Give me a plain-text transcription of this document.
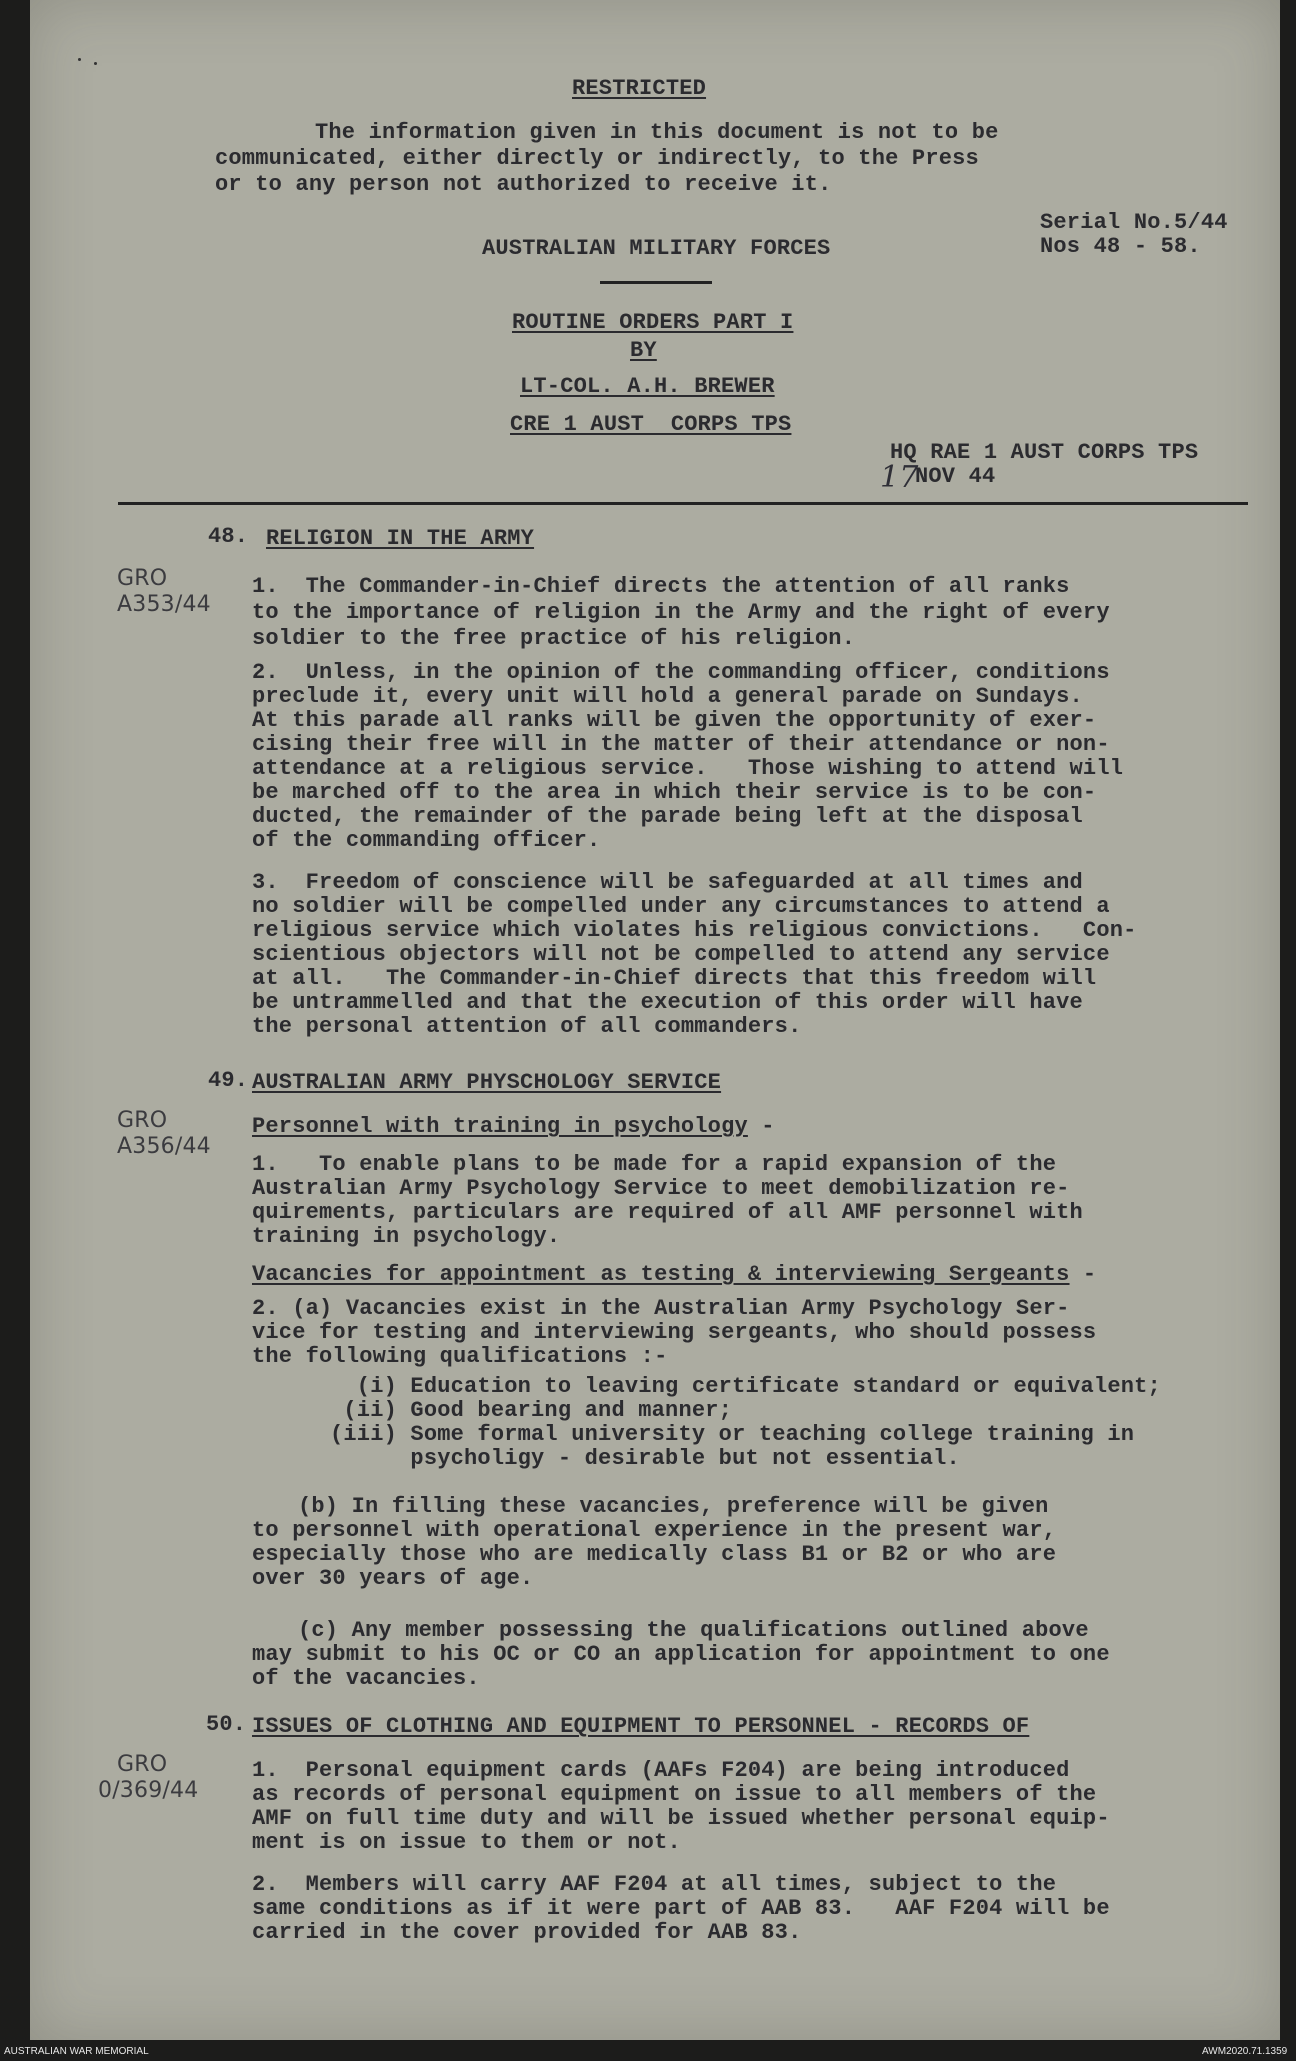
RESTRICTED
The information given in this document is not to be
communicated, either directly or indirectly, to the Press
or to any person not authorized to receive it.
Serial No.5/44
Nos 48 - 58.
AUSTRALIAN MILITARY FORCES
ROUTINE ORDERS PART I
BY
LT-COL. A.H. BREWER
CRE 1 AUST  CORPS TPS
HQ RAE 1 AUST CORPS TPS
17
NOV 44
48. RELIGION IN THE ARMY
GRO
A353/44
1.  The Commander-in-Chief directs the attention of all ranks
to the importance of religion in the Army and the right of every
soldier to the free practice of his religion.
2.  Unless, in the opinion of the commanding officer, conditions
preclude it, every unit will hold a general parade on Sundays.
At this parade all ranks will be given the opportunity of exer-
cising their free will in the matter of their attendance or non-
attendance at a religious service.   Those wishing to attend will
be marched off to the area in which their service is to be con-
ducted, the remainder of the parade being left at the disposal
of the commanding officer.
3.  Freedom of conscience will be safeguarded at all times and
no soldier will be compelled under any circumstances to attend a
religious service which violates his religious convictions.   Con-
scientious objectors will not be compelled to attend any service
at all.   The Commander-in-Chief directs that this freedom will
be untrammelled and that the execution of this order will have
the personal attention of all commanders.
49. AUSTRALIAN ARMY PHYSCHOLOGY SERVICE
GRO
A356/44
Personnel with training in psychology -
1.   To enable plans to be made for a rapid expansion of the
Australian Army Psychology Service to meet demobilization re-
quirements, particulars are required of all AMF personnel with
training in psychology.
Vacancies for appointment as testing & interviewing Sergeants -
2. (a) Vacancies exist in the Australian Army Psychology Ser-
vice for testing and interviewing sergeants, who should possess
the following qualifications :-
(i) Education to leaving certificate standard or equivalent;
(ii) Good bearing and manner;
(iii) Some formal university or teaching college training in
psycholigy - desirable but not essential.
(b) In filling these vacancies, preference will be given
to personnel with operational experience in the present war,
especially those who are medically class B1 or B2 or who are
over 30 years of age.
(c) Any member possessing the qualifications outlined above
may submit to his OC or CO an application for appointment to one
of the vacancies.
50. ISSUES OF CLOTHING AND EQUIPMENT TO PERSONNEL - RECORDS OF
GRO
0/369/44
1.  Personal equipment cards (AAFs F204) are being introduced
as records of personal equipment on issue to all members of the
AMF on full time duty and will be issued whether personal equip-
ment is on issue to them or not.
2.  Members will carry AAF F204 at all times, subject to the
same conditions as if it were part of AAB 83.   AAF F204 will be
carried in the cover provided for AAB 83.
AUSTRALIAN WAR MEMORIAL	AWM2020.71.1359
